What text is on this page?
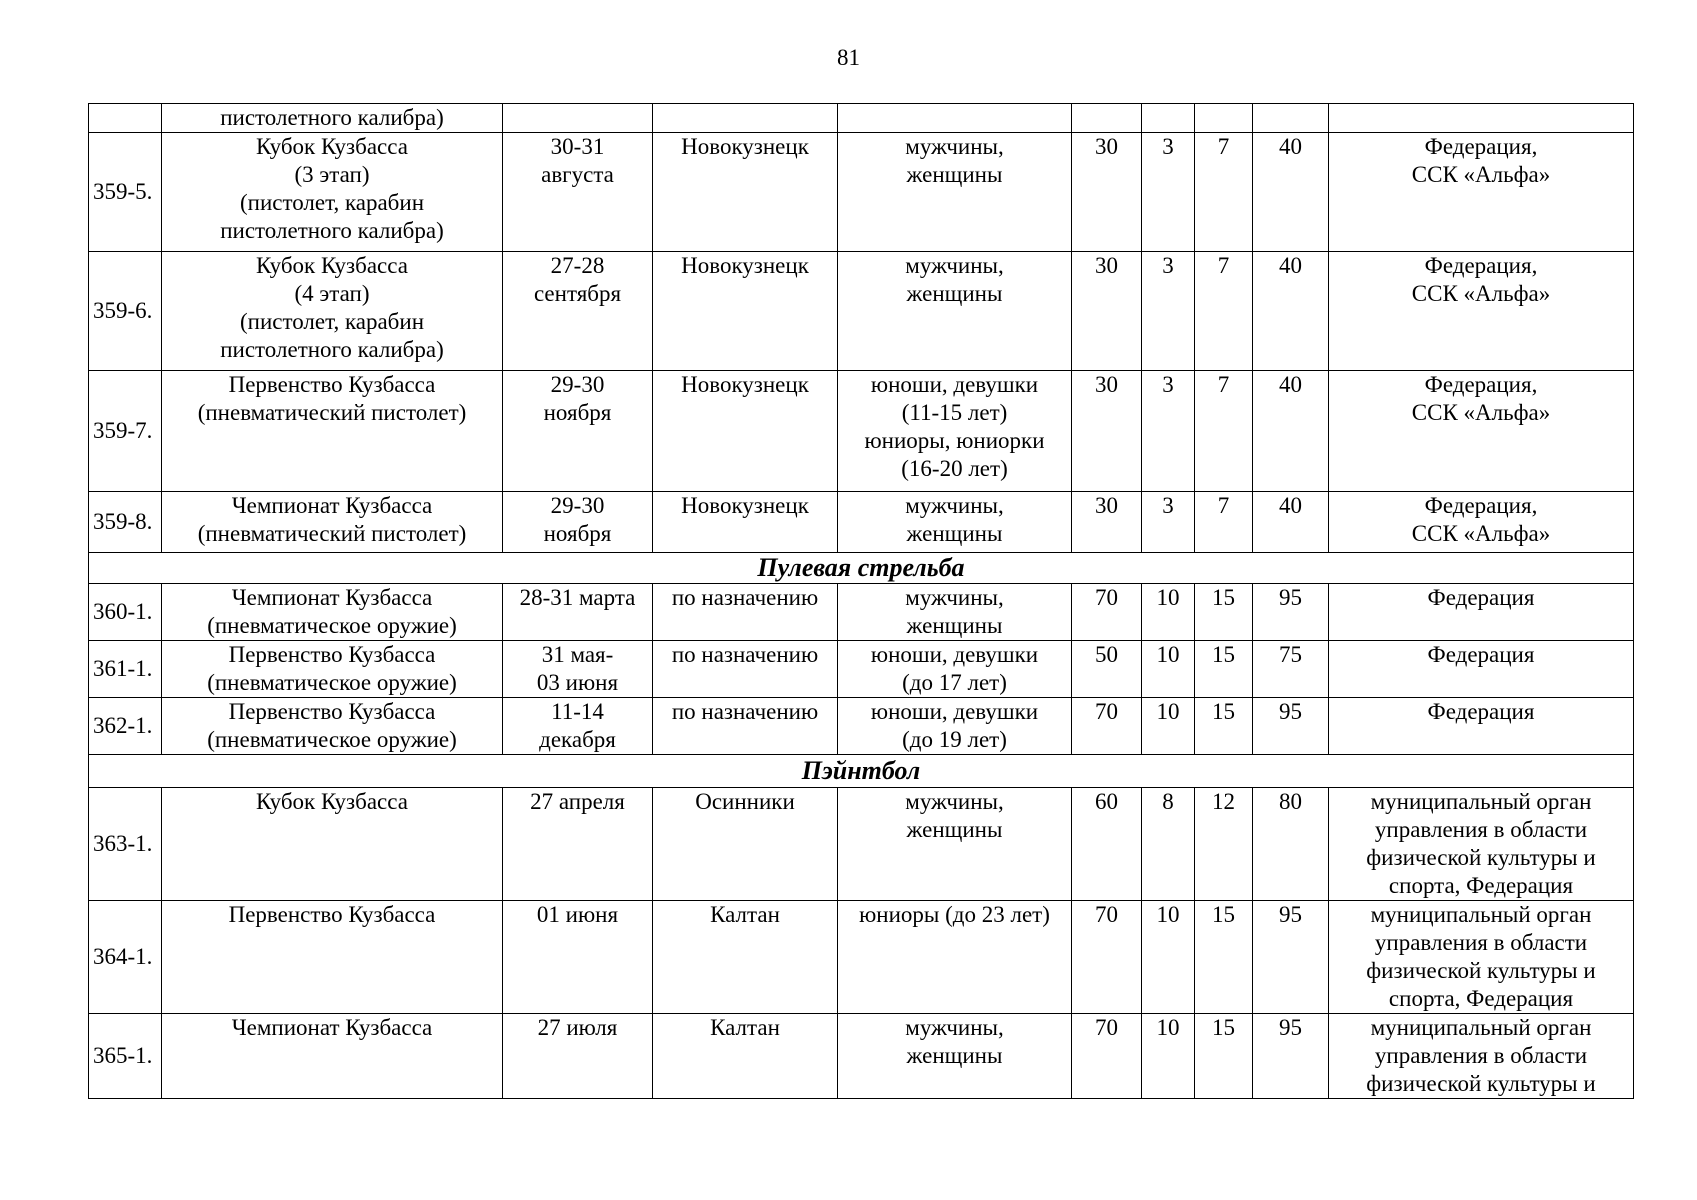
81
	пистолетного калибра)								
359-5.	Кубок Кузбасса
(3 этап)
(пистолет, карабин
пистолетного калибра)	30-31
августа	Новокузнецк	мужчины,
женщины	30	3	7	40	Федерация,
ССК «Альфа»
359-6.	Кубок Кузбасса
(4 этап)
(пистолет, карабин
пистолетного калибра)	27-28
сентября	Новокузнецк	мужчины,
женщины	30	3	7	40	Федерация,
ССК «Альфа»
359-7.	Первенство Кузбасса
(пневматический пистолет)	29-30
ноября	Новокузнецк	юноши, девушки
(11-15 лет)
юниоры, юниорки
(16-20 лет)	30	3	7	40	Федерация,
ССК «Альфа»
359-8.	Чемпионат Кузбасса
(пневматический пистолет)	29-30
ноября	Новокузнецк	мужчины,
женщины	30	3	7	40	Федерация,
ССК «Альфа»
Пулевая стрельба									
360-1.	Чемпионат Кузбасса
(пневматическое оружие)	28-31 марта	по назначению	мужчины,
женщины	70	10	15	95	Федерация
361-1.	Первенство Кузбасса
(пневматическое оружие)	31 мая-
03 июня	по назначению	юноши, девушки
(до 17 лет)	50	10	15	75	Федерация
362-1.	Первенство Кузбасса
(пневматическое оружие)	11-14
декабря	по назначению	юноши, девушки
(до 19 лет)	70	10	15	95	Федерация
Пэйнтбол									
363-1.	Кубок Кузбасса	27 апреля	Осинники	мужчины,
женщины	60	8	12	80	муниципальный орган
управления в области
физической культуры и
спорта, Федерация
364-1.	Первенство Кузбасса	01 июня	Калтан	юниоры (до 23 лет)	70	10	15	95	муниципальный орган
управления в области
физической культуры и
спорта, Федерация
365-1.	Чемпионат Кузбасса	27 июля	Калтан	мужчины,
женщины	70	10	15	95	муниципальный орган
управления в области
физической культуры и
